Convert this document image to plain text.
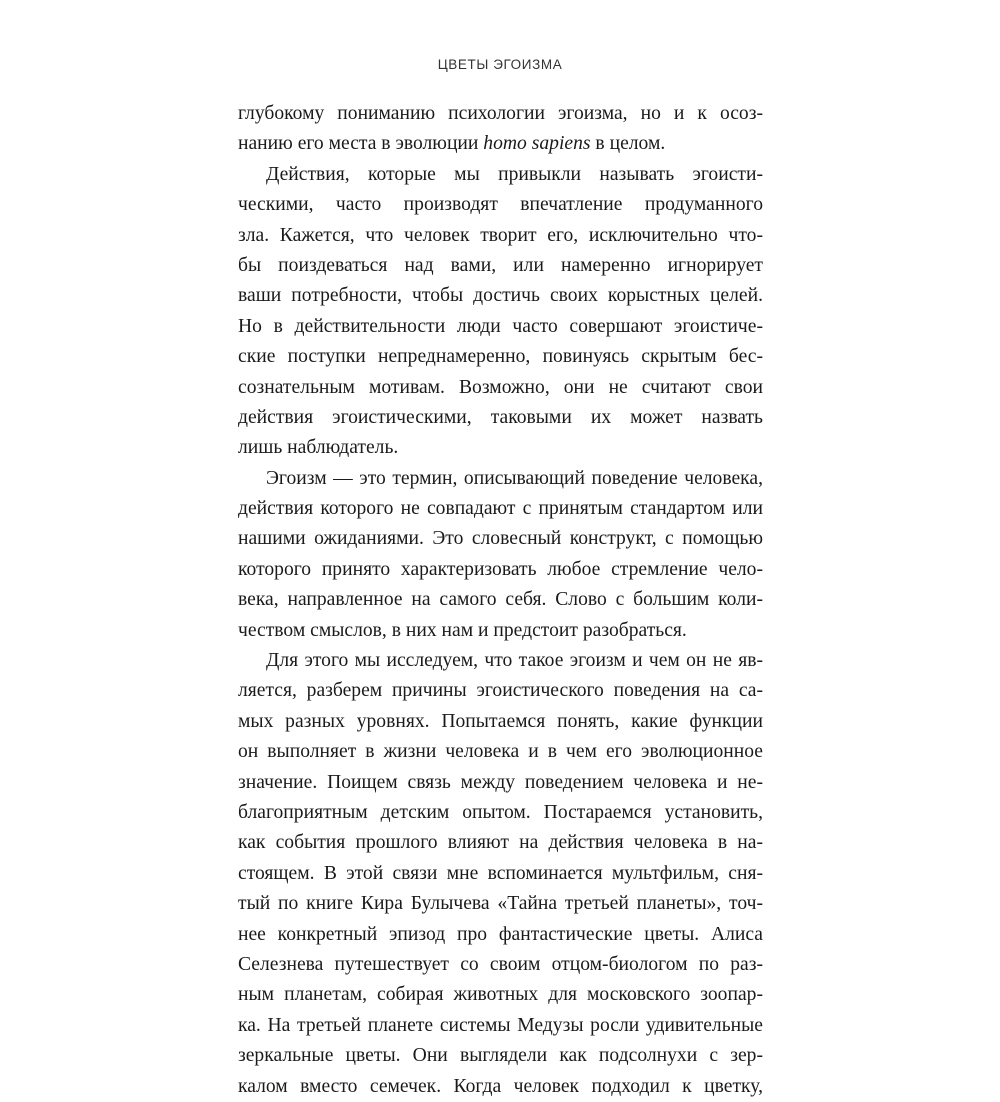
ЦВЕТЫ ЭГОИЗМА
глубокому пониманию психологии эгоизма, но и к осоз-
нанию его места в эволюции homo sapiens в целом.
Действия, которые мы привыкли называть эгоисти-
ческими, часто производят впечатление продуманного
зла. Кажется, что человек творит его, исключительно что-
бы поиздеваться над вами, или намеренно игнорирует
ваши потребности, чтобы достичь своих корыстных целей.
Но в действительности люди часто совершают эгоистиче-
ские поступки непреднамеренно, повинуясь скрытым бес-
сознательным мотивам. Возможно, они не считают свои
действия эгоистическими, таковыми их может назвать
лишь наблюдатель.
Эгоизм — это термин, описывающий поведение человека,
действия которого не совпадают с принятым стандартом или
нашими ожиданиями. Это словесный конструкт, с помощью
которого принято характеризовать любое стремление чело-
века, направленное на самого себя. Слово с большим коли-
чеством смыслов, в них нам и предстоит разобраться.
Для этого мы исследуем, что такое эгоизм и чем он не яв-
ляется, разберем причины эгоистического поведения на са-
мых разных уровнях. Попытаемся понять, какие функции
он выполняет в жизни человека и в чем его эволюционное
значение. Поищем связь между поведением человека и не-
благоприятным детским опытом. Постараемся установить,
как события прошлого влияют на действия человека в на-
стоящем. В этой связи мне вспоминается мультфильм, сня-
тый по книге Кира Булычева «Тайна третьей планеты», точ-
нее конкретный эпизод про фантастические цветы. Алиса
Селезнева путешествует со своим отцом-биологом по раз-
ным планетам, собирая животных для московского зоопар-
ка. На третьей планете системы Медузы росли удивительные
зеркальные цветы. Они выглядели как подсолнухи с зер-
калом вместо семечек. Когда человек подходил к цветку,
